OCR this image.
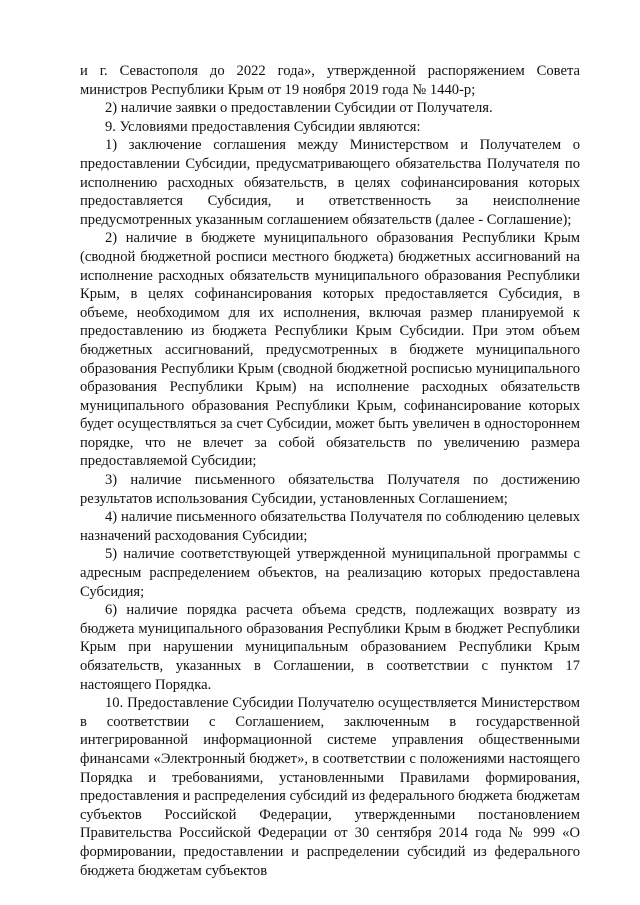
и г. Севастополя до 2022 года», утвержденной распоряжением Совета министров Республики Крым от 19 ноября 2019 года № 1440-р;

2) наличие заявки о предоставлении Субсидии от Получателя.

9. Условиями предоставления Субсидии являются:

1) заключение соглашения между Министерством и Получателем о предоставлении Субсидии, предусматривающего обязательства Получателя по исполнению расходных обязательств, в целях софинансирования которых предоставляется Субсидия, и ответственность за неисполнение предусмотренных указанным соглашением обязательств (далее - Соглашение);

2) наличие в бюджете муниципального образования Республики Крым (сводной бюджетной росписи местного бюджета) бюджетных ассигнований на исполнение расходных обязательств муниципального образования Республики Крым, в целях софинансирования которых предоставляется Субсидия, в объеме, необходимом для их исполнения, включая размер планируемой к предоставлению из бюджета Республики Крым Субсидии. При этом объем бюджетных ассигнований, предусмотренных в бюджете муниципального образования Республики Крым (сводной бюджетной росписью муниципального образования Республики Крым) на исполнение расходных обязательств муниципального образования Республики Крым, софинансирование которых будет осуществляться за счет Субсидии, может быть увеличен в одностороннем порядке, что не влечет за собой обязательств по увеличению размера предоставляемой Субсидии;

3) наличие письменного обязательства Получателя по достижению результатов использования Субсидии, установленных Соглашением;

4) наличие письменного обязательства Получателя по соблюдению целевых назначений расходования Субсидии;

5) наличие соответствующей утвержденной муниципальной программы с адресным распределением объектов, на реализацию которых предоставлена Субсидия;

6) наличие порядка расчета объема средств, подлежащих возврату из бюджета муниципального образования Республики Крым в бюджет Республики Крым при нарушении муниципальным образованием Республики Крым обязательств, указанных в Соглашении, в соответствии с пунктом 17 настоящего Порядка.

10. Предоставление Субсидии Получателю осуществляется Министерством в соответствии с Соглашением, заключенным в государственной интегрированной информационной системе управления общественными финансами «Электронный бюджет», в соответствии с положениями настоящего Порядка и требованиями, установленными Правилами формирования, предоставления и распределения субсидий из федерального бюджета бюджетам субъектов Российской Федерации, утвержденными постановлением Правительства Российской Федерации от 30 сентября 2014 года № 999 «О формировании, предоставлении и распределении субсидий из федерального бюджета бюджетам субъектов
